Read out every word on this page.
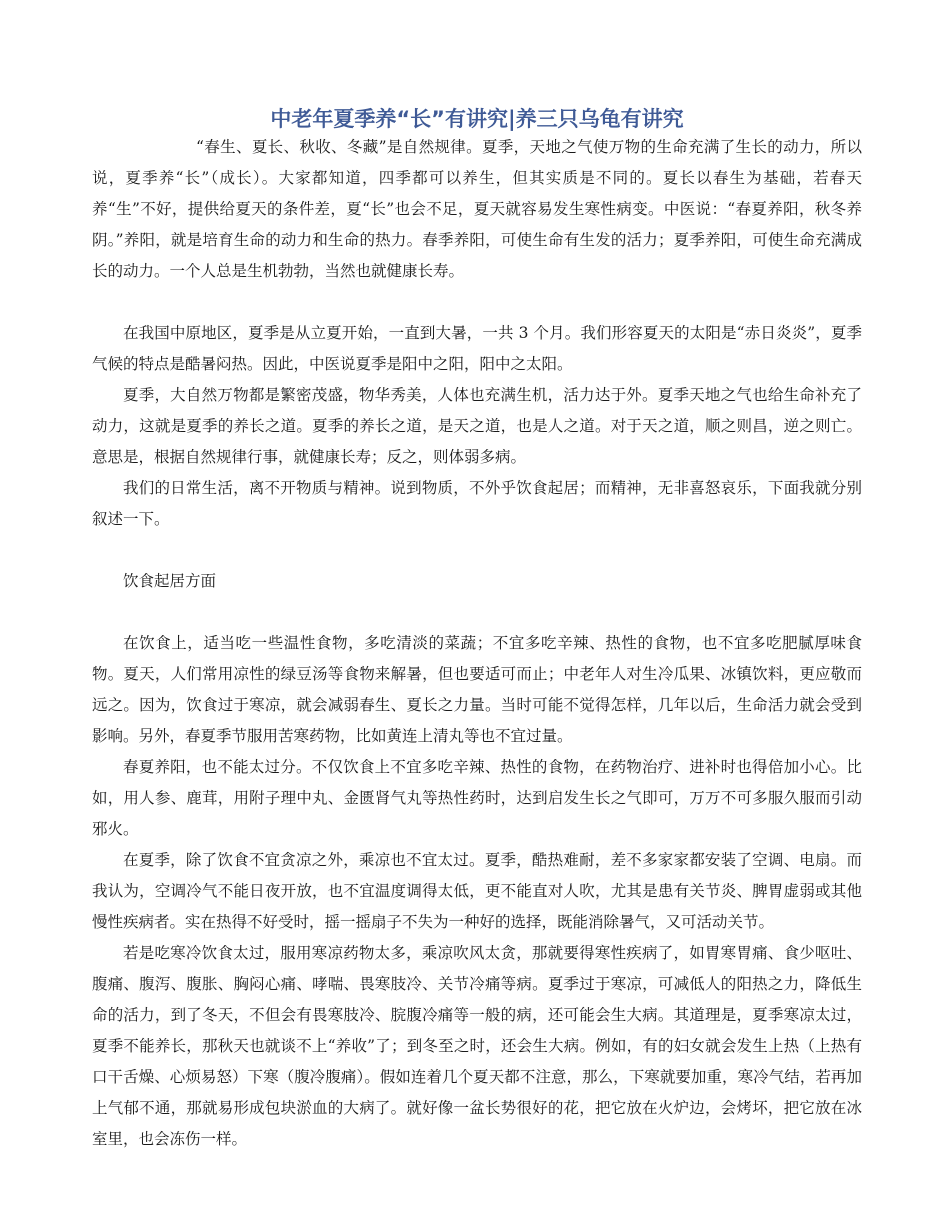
中老年夏季养“长”有讲究|养三只乌龟有讲究

“春生、夏长、秋收、冬藏”是自然规律。夏季，天地之气使万物的生命充满了生长的动力，所以说，夏季养“长”（成长）。大家都知道，四季都可以养生，但其实质是不同的。夏长以春生为基础，若春天养“生”不好，提供给夏天的条件差，夏“长”也会不足，夏天就容易发生寒性病变。中医说：“春夏养阳，秋冬养阴。”养阳，就是培育生命的动力和生命的热力。春季养阳，可使生命有生发的活力；夏季养阳，可使生命充满成长的动力。一个人总是生机勃勃，当然也就健康长寿。

在我国中原地区，夏季是从立夏开始，一直到大暑，一共 3 个月。我们形容夏天的太阳是“赤日炎炎”，夏季气候的特点是酷暑闷热。因此，中医说夏季是阳中之阳，阳中之太阳。

夏季，大自然万物都是繁密茂盛，物华秀美，人体也充满生机，活力达于外。夏季天地之气也给生命补充了动力，这就是夏季的养长之道。夏季的养长之道，是天之道，也是人之道。对于天之道，顺之则昌，逆之则亡。意思是，根据自然规律行事，就健康长寿；反之，则体弱多病。

我们的日常生活，离不开物质与精神。说到物质，不外乎饮食起居；而精神，无非喜怒哀乐，下面我就分别叙述一下。

饮食起居方面

在饮食上，适当吃一些温性食物，多吃清淡的菜蔬；不宜多吃辛辣、热性的食物，也不宜多吃肥腻厚味食物。夏天，人们常用凉性的绿豆汤等食物来解暑，但也要适可而止；中老年人对生冷瓜果、冰镇饮料，更应敬而远之。因为，饮食过于寒凉，就会减弱春生、夏长之力量。当时可能不觉得怎样，几年以后，生命活力就会受到影响。另外，春夏季节服用苦寒药物，比如黄连上清丸等也不宜过量。

春夏养阳，也不能太过分。不仅饮食上不宜多吃辛辣、热性的食物，在药物治疗、进补时也得倍加小心。比如，用人参、鹿茸，用附子理中丸、金匮肾气丸等热性药时，达到启发生长之气即可，万万不可多服久服而引动邪火。

在夏季，除了饮食不宜贪凉之外，乘凉也不宜太过。夏季，酷热难耐，差不多家家都安装了空调、电扇。而我认为，空调冷气不能日夜开放，也不宜温度调得太低，更不能直对人吹，尤其是患有关节炎、脾胃虚弱或其他慢性疾病者。实在热得不好受时，摇一摇扇子不失为一种好的选择，既能消除暑气，又可活动关节。

若是吃寒冷饮食太过，服用寒凉药物太多，乘凉吹风太贪，那就要得寒性疾病了，如胃寒胃痛、食少呕吐、腹痛、腹泻、腹胀、胸闷心痛、哮喘、畏寒肢冷、关节冷痛等病。夏季过于寒凉，可减低人的阳热之力，降低生命的活力，到了冬天，不但会有畏寒肢冷、脘腹冷痛等一般的病，还可能会生大病。其道理是，夏季寒凉太过，夏季不能养长，那秋天也就谈不上“养收”了；到冬至之时，还会生大病。例如，有的妇女就会发生上热（上热有口干舌燥、心烦易怒）下寒（腹冷腹痛）。假如连着几个夏天都不注意，那么，下寒就要加重，寒冷气结，若再加上气郁不通，那就易形成包块淤血的大病了。就好像一盆长势很好的花，把它放在火炉边，会烤坏，把它放在冰室里，也会冻伤一样。
